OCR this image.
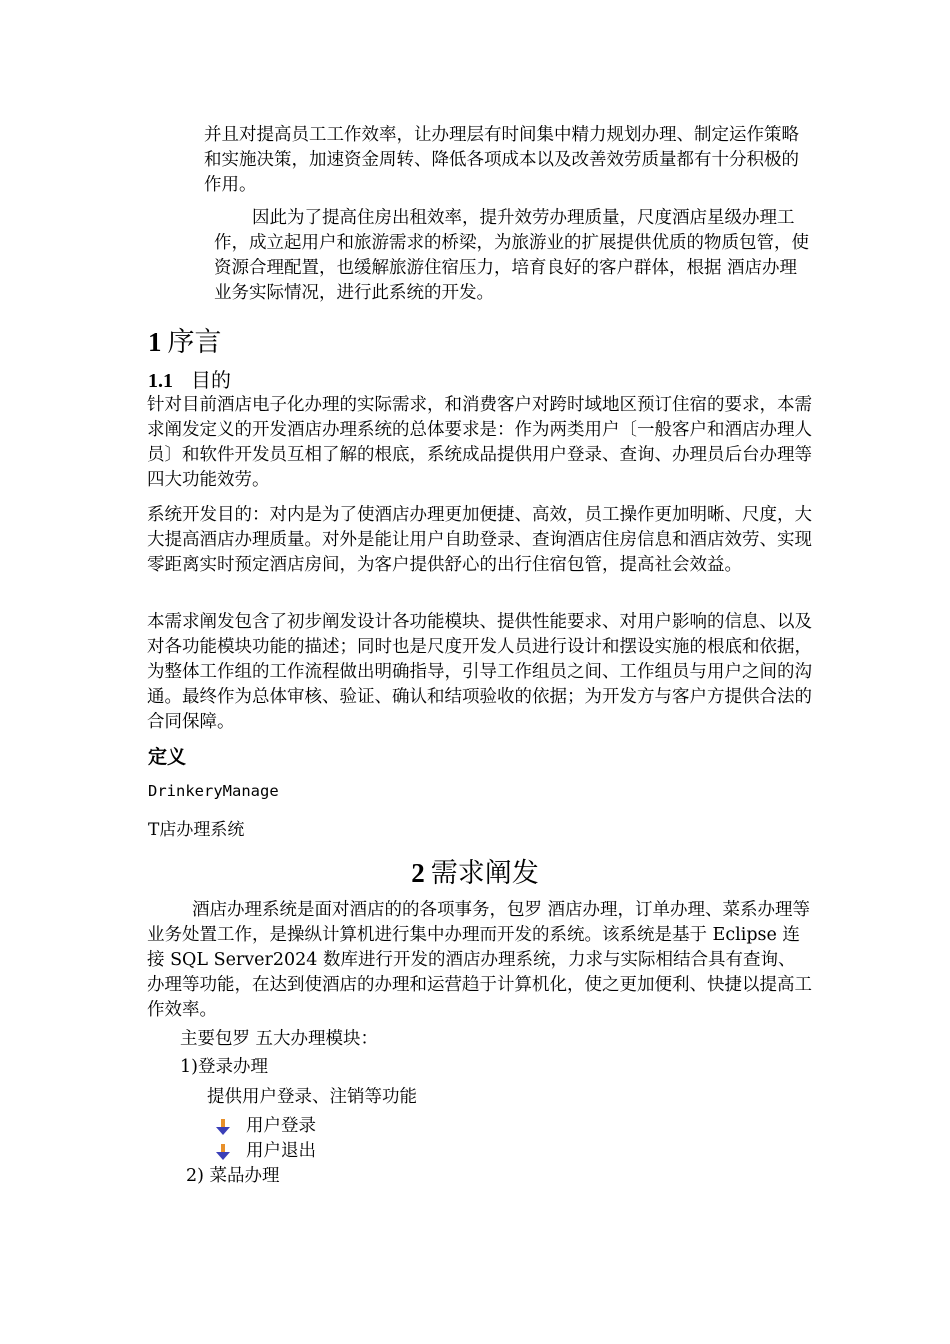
并且对提高员工工作效率，让办理层有时间集中精力规划办理、制定运作策略和实施决策，加速资金周转、降低各项成本以及改善效劳质量都有十分积极的作用。

因此为了提高住房出租效率，提升效劳办理质量，尺度酒店星级办理工作，成立起用户和旅游需求的桥梁，为旅游业的扩展提供优质的物质包管，使资源合理配置，也缓解旅游住宿压力，培育良好的客户群体，根据 酒店办理业务实际情况，进行此系统的开发。

1 序言
1.1 目的

针对目前酒店电子化办理的实际需求，和消费客户对跨时域地区预订住宿的要求，本需求阐发定义的开发酒店办理系统的总体要求是：作为两类用户〔一般客户和酒店办理人员〕和软件开发员互相了解的根底，系统成品提供用户登录、查询、办理员后台办理等四大功能效劳。

系统开发目的：对内是为了使酒店办理更加便捷、高效，员工操作更加明晰、尺度，大大提高酒店办理质量。对外是能让用户自助登录、查询酒店住房信息和酒店效劳、实现零距离实时预定酒店房间，为客户提供舒心的出行住宿包管，提高社会效益。

本需求阐发包含了初步阐发设计各功能模块、提供性能要求、对用户影响的信息、以及对各功能模块功能的描述；同时也是尺度开发人员进行设计和摆设实施的根底和依据，为整体工作组的工作流程做出明确指导，引导工作组员之间、工作组员与用户之间的沟通。最终作为总体审核、验证、确认和结项验收的依据；为开发方与客户方提供合法的合同保障。

定义
DrinkeryManage
T店办理系统
2 需求阐发

酒店办理系统是面对酒店的的各项事务，包罗 酒店办理，订单办理、菜系办理等业务处置工作，是操纵计算机进行集中办理而开发的系统。该系统是基于 Eclipse 连接 SQL Server2024 数库进行开发的酒店办理系统，力求与实际相结合具有查询、办理等功能，在达到使酒店的办理和运营趋于计算机化，使之更加便利、快捷以提高工作效率。

主要包罗 五大办理模块：
1)登录办理
提供用户登录、注销等功能
用户登录
用户退出
2) 菜品办理
